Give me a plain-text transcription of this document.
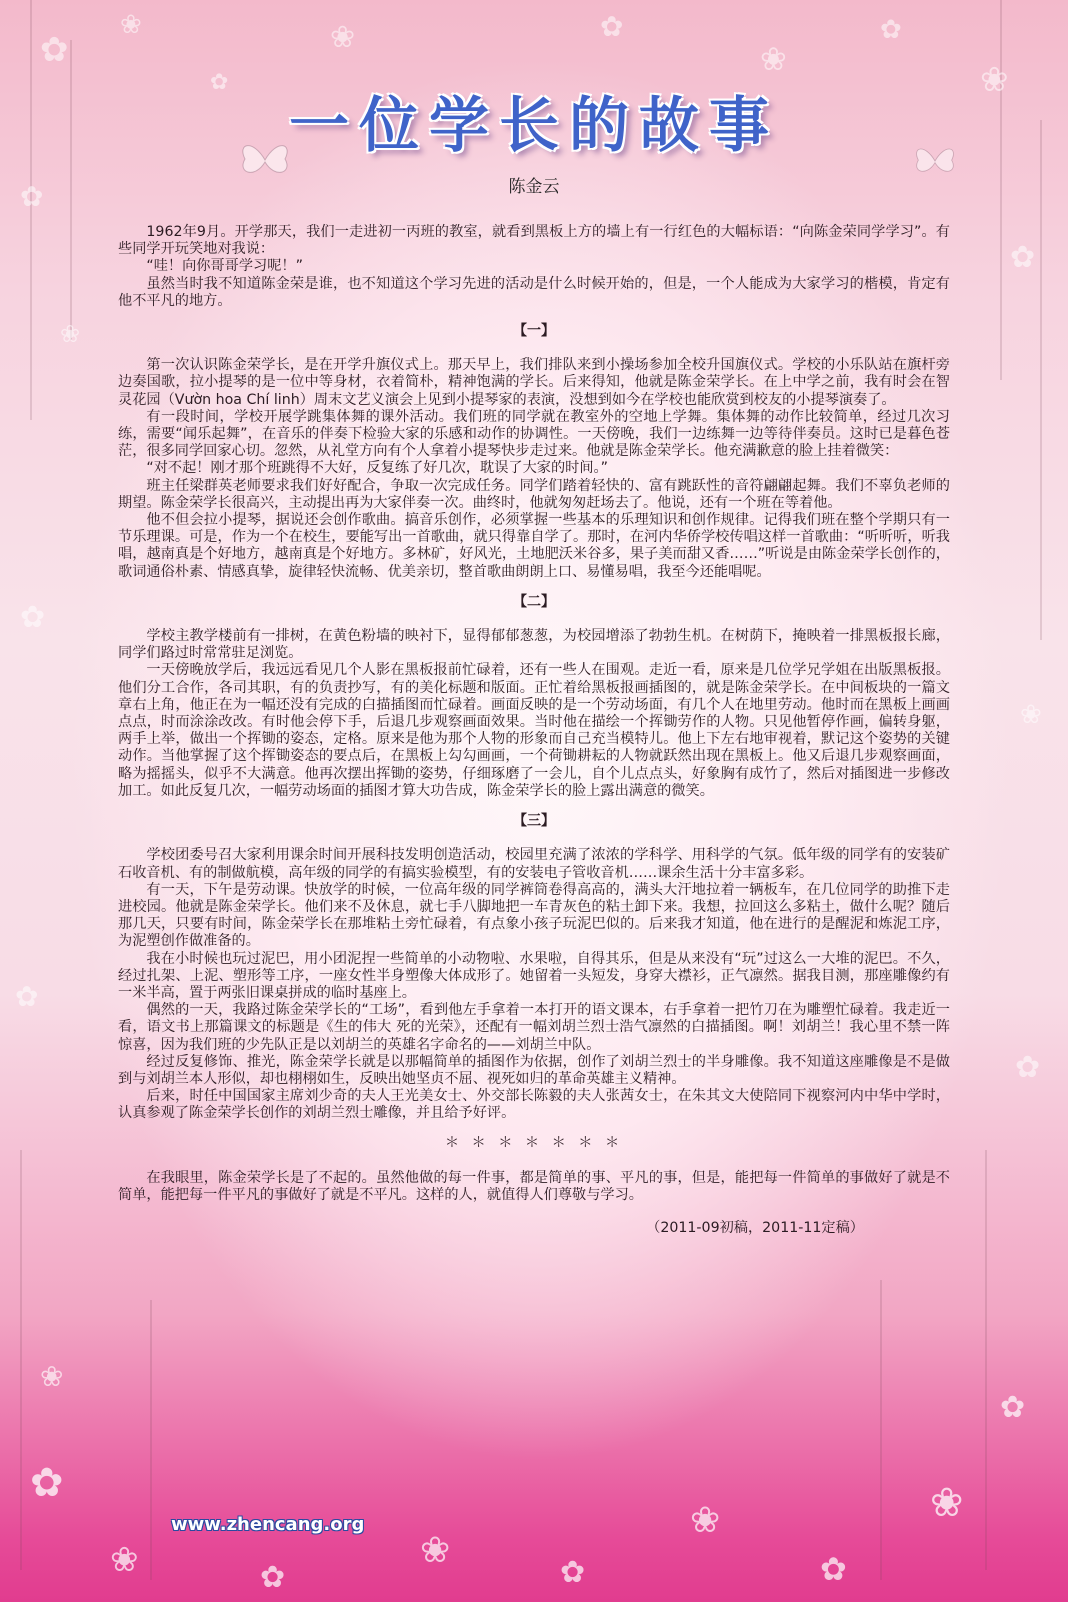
✿
❀
✿
❀	✿
❀
✿
❀
✿
✿
❀
✿
❀
✿
✿
✿
❀	✿
❀
✿
❀
✿
❀
✿
❀
一位学长的故事
陈金云

1962年9月。开学那天，我们一走进初一丙班的教室，就看到黑板上方的墙上有一行红色的大幅标语：“向陈金荣同学学习”。有些同学开玩笑地对我说：

“哇！向你哥哥学习呢！”

虽然当时我不知道陈金荣是谁，也不知道这个学习先进的活动是什么时候开始的，但是，一个人能成为大家学习的楷模，肯定有他不平凡的地方。

【一】

第一次认识陈金荣学长，是在开学升旗仪式上。那天早上，我们排队来到小操场参加全校升国旗仪式。学校的小乐队站在旗杆旁边奏国歌，拉小提琴的是一位中等身材，衣着简朴，精神饱满的学长。后来得知，他就是陈金荣学长。在上中学之前，我有时会在智灵花园（Vườn hoa Chí linh）周末文艺义演会上见到小提琴家的表演，没想到如今在学校也能欣赏到校友的小提琴演奏了。

有一段时间，学校开展学跳集体舞的课外活动。我们班的同学就在教室外的空地上学舞。集体舞的动作比较简单，经过几次习练，需要“闻乐起舞”，在音乐的伴奏下检验大家的乐感和动作的协调性。一天傍晚，我们一边练舞一边等待伴奏员。这时已是暮色苍茫，很多同学回家心切。忽然，从礼堂方向有个人拿着小提琴快步走过来。他就是陈金荣学长。他充满歉意的脸上挂着微笑：

“对不起！刚才那个班跳得不大好，反复练了好几次，耽误了大家的时间。”

班主任梁群英老师要求我们好好配合，争取一次完成任务。同学们踏着轻快的、富有跳跃性的音符翩翩起舞。我们不辜负老师的期望。陈金荣学长很高兴，主动提出再为大家伴奏一次。曲终时，他就匆匆赶场去了。他说，还有一个班在等着他。

他不但会拉小提琴，据说还会创作歌曲。搞音乐创作，必须掌握一些基本的乐理知识和创作规律。记得我们班在整个学期只有一节乐理课。可是，作为一个在校生，要能写出一首歌曲，就只得靠自学了。那时，在河内华侨学校传唱这样一首歌曲：“听听听，听我唱，越南真是个好地方，越南真是个好地方。多林矿，好风光，土地肥沃米谷多，果子美而甜又香……”听说是由陈金荣学长创作的，歌词通俗朴素、情感真挚，旋律轻快流畅、优美亲切，整首歌曲朗朗上口、易懂易唱，我至今还能唱呢。

【二】

学校主教学楼前有一排树，在黄色粉墙的映衬下，显得郁郁葱葱，为校园增添了勃勃生机。在树荫下，掩映着一排黑板报长廊，同学们路过时常常驻足浏览。

一天傍晚放学后，我远远看见几个人影在黑板报前忙碌着，还有一些人在围观。走近一看，原来是几位学兄学姐在出版黑板报。他们分工合作，各司其职，有的负责抄写，有的美化标题和版面。正忙着给黑板报画插图的，就是陈金荣学长。在中间板块的一篇文章右上角，他正在为一幅还没有完成的白描插图而忙碌着。画面反映的是一个劳动场面，有几个人在地里劳动。他时而在黑板上画画点点，时而涂涂改改。有时他会停下手，后退几步观察画面效果。当时他在描绘一个挥锄劳作的人物。只见他暂停作画，偏转身躯，两手上举，做出一个挥锄的姿态，定格。原来是他为那个人物的形象而自己充当模特儿。他上下左右地审视着，默记这个姿势的关键动作。当他掌握了这个挥锄姿态的要点后，在黑板上勾勾画画，一个荷锄耕耘的人物就跃然出现在黑板上。他又后退几步观察画面，略为摇摇头，似乎不大满意。他再次摆出挥锄的姿势，仔细琢磨了一会儿，自个儿点点头，好象胸有成竹了，然后对插图进一步修改加工。如此反复几次，一幅劳动场面的插图才算大功告成，陈金荣学长的脸上露出满意的微笑。

【三】

学校团委号召大家利用课余时间开展科技发明创造活动，校园里充满了浓浓的学科学、用科学的气氛。低年级的同学有的安装矿石收音机、有的制做航模，高年级的同学的有搞实验模型，有的安装电子管收音机……课余生活十分丰富多彩。

有一天，下午是劳动课。快放学的时候，一位高年级的同学裤筒卷得高高的，满头大汗地拉着一辆板车，在几位同学的助推下走进校园。他就是陈金荣学长。他们来不及休息，就七手八脚地把一车青灰色的粘土卸下来。我想，拉回这么多粘土，做什么呢？随后那几天，只要有时间，陈金荣学长在那堆粘土旁忙碌着，有点象小孩子玩泥巴似的。后来我才知道，他在进行的是醒泥和炼泥工序，为泥塑创作做准备的。

我在小时候也玩过泥巴，用小团泥捏一些简单的小动物啦、水果啦，自得其乐，但是从来没有“玩”过这么一大堆的泥巴。不久，经过扎架、上泥、塑形等工序，一座女性半身塑像大体成形了。她留着一头短发，身穿大襟衫，正气凛然。据我目测，那座雕像约有一米半高，置于两张旧课桌拼成的临时基座上。

偶然的一天，我路过陈金荣学长的“工场”，看到他左手拿着一本打开的语文课本，右手拿着一把竹刀在为雕塑忙碌着。我走近一看，语文书上那篇课文的标题是《生的伟大 死的光荣》，还配有一幅刘胡兰烈士浩气凛然的白描插图。啊！刘胡兰！我心里不禁一阵惊喜，因为我们班的少先队正是以刘胡兰的英雄名字命名的——刘胡兰中队。

经过反复修饰、推光，陈金荣学长就是以那幅简单的插图作为依据，创作了刘胡兰烈士的半身雕像。我不知道这座雕像是不是做到与刘胡兰本人形似，却也栩栩如生，反映出她坚贞不屈、视死如归的革命英雄主义精神。

后来，时任中国国家主席刘少奇的夫人王光美女士、外交部长陈毅的夫人张茜女士，在朱其文大使陪同下视察河内中华中学时，认真参观了陈金荣学长创作的刘胡兰烈士雕像，并且给予好评。

＊ ＊ ＊ ＊ ＊ ＊ ＊

在我眼里，陈金荣学长是了不起的。虽然他做的每一件事，都是简单的事、平凡的事，但是，能把每一件简单的事做好了就是不简单，能把每一件平凡的事做好了就是不平凡。这样的人，就值得人们尊敬与学习。

（2011-09初稿，2011-11定稿）
www.zhencang.org
